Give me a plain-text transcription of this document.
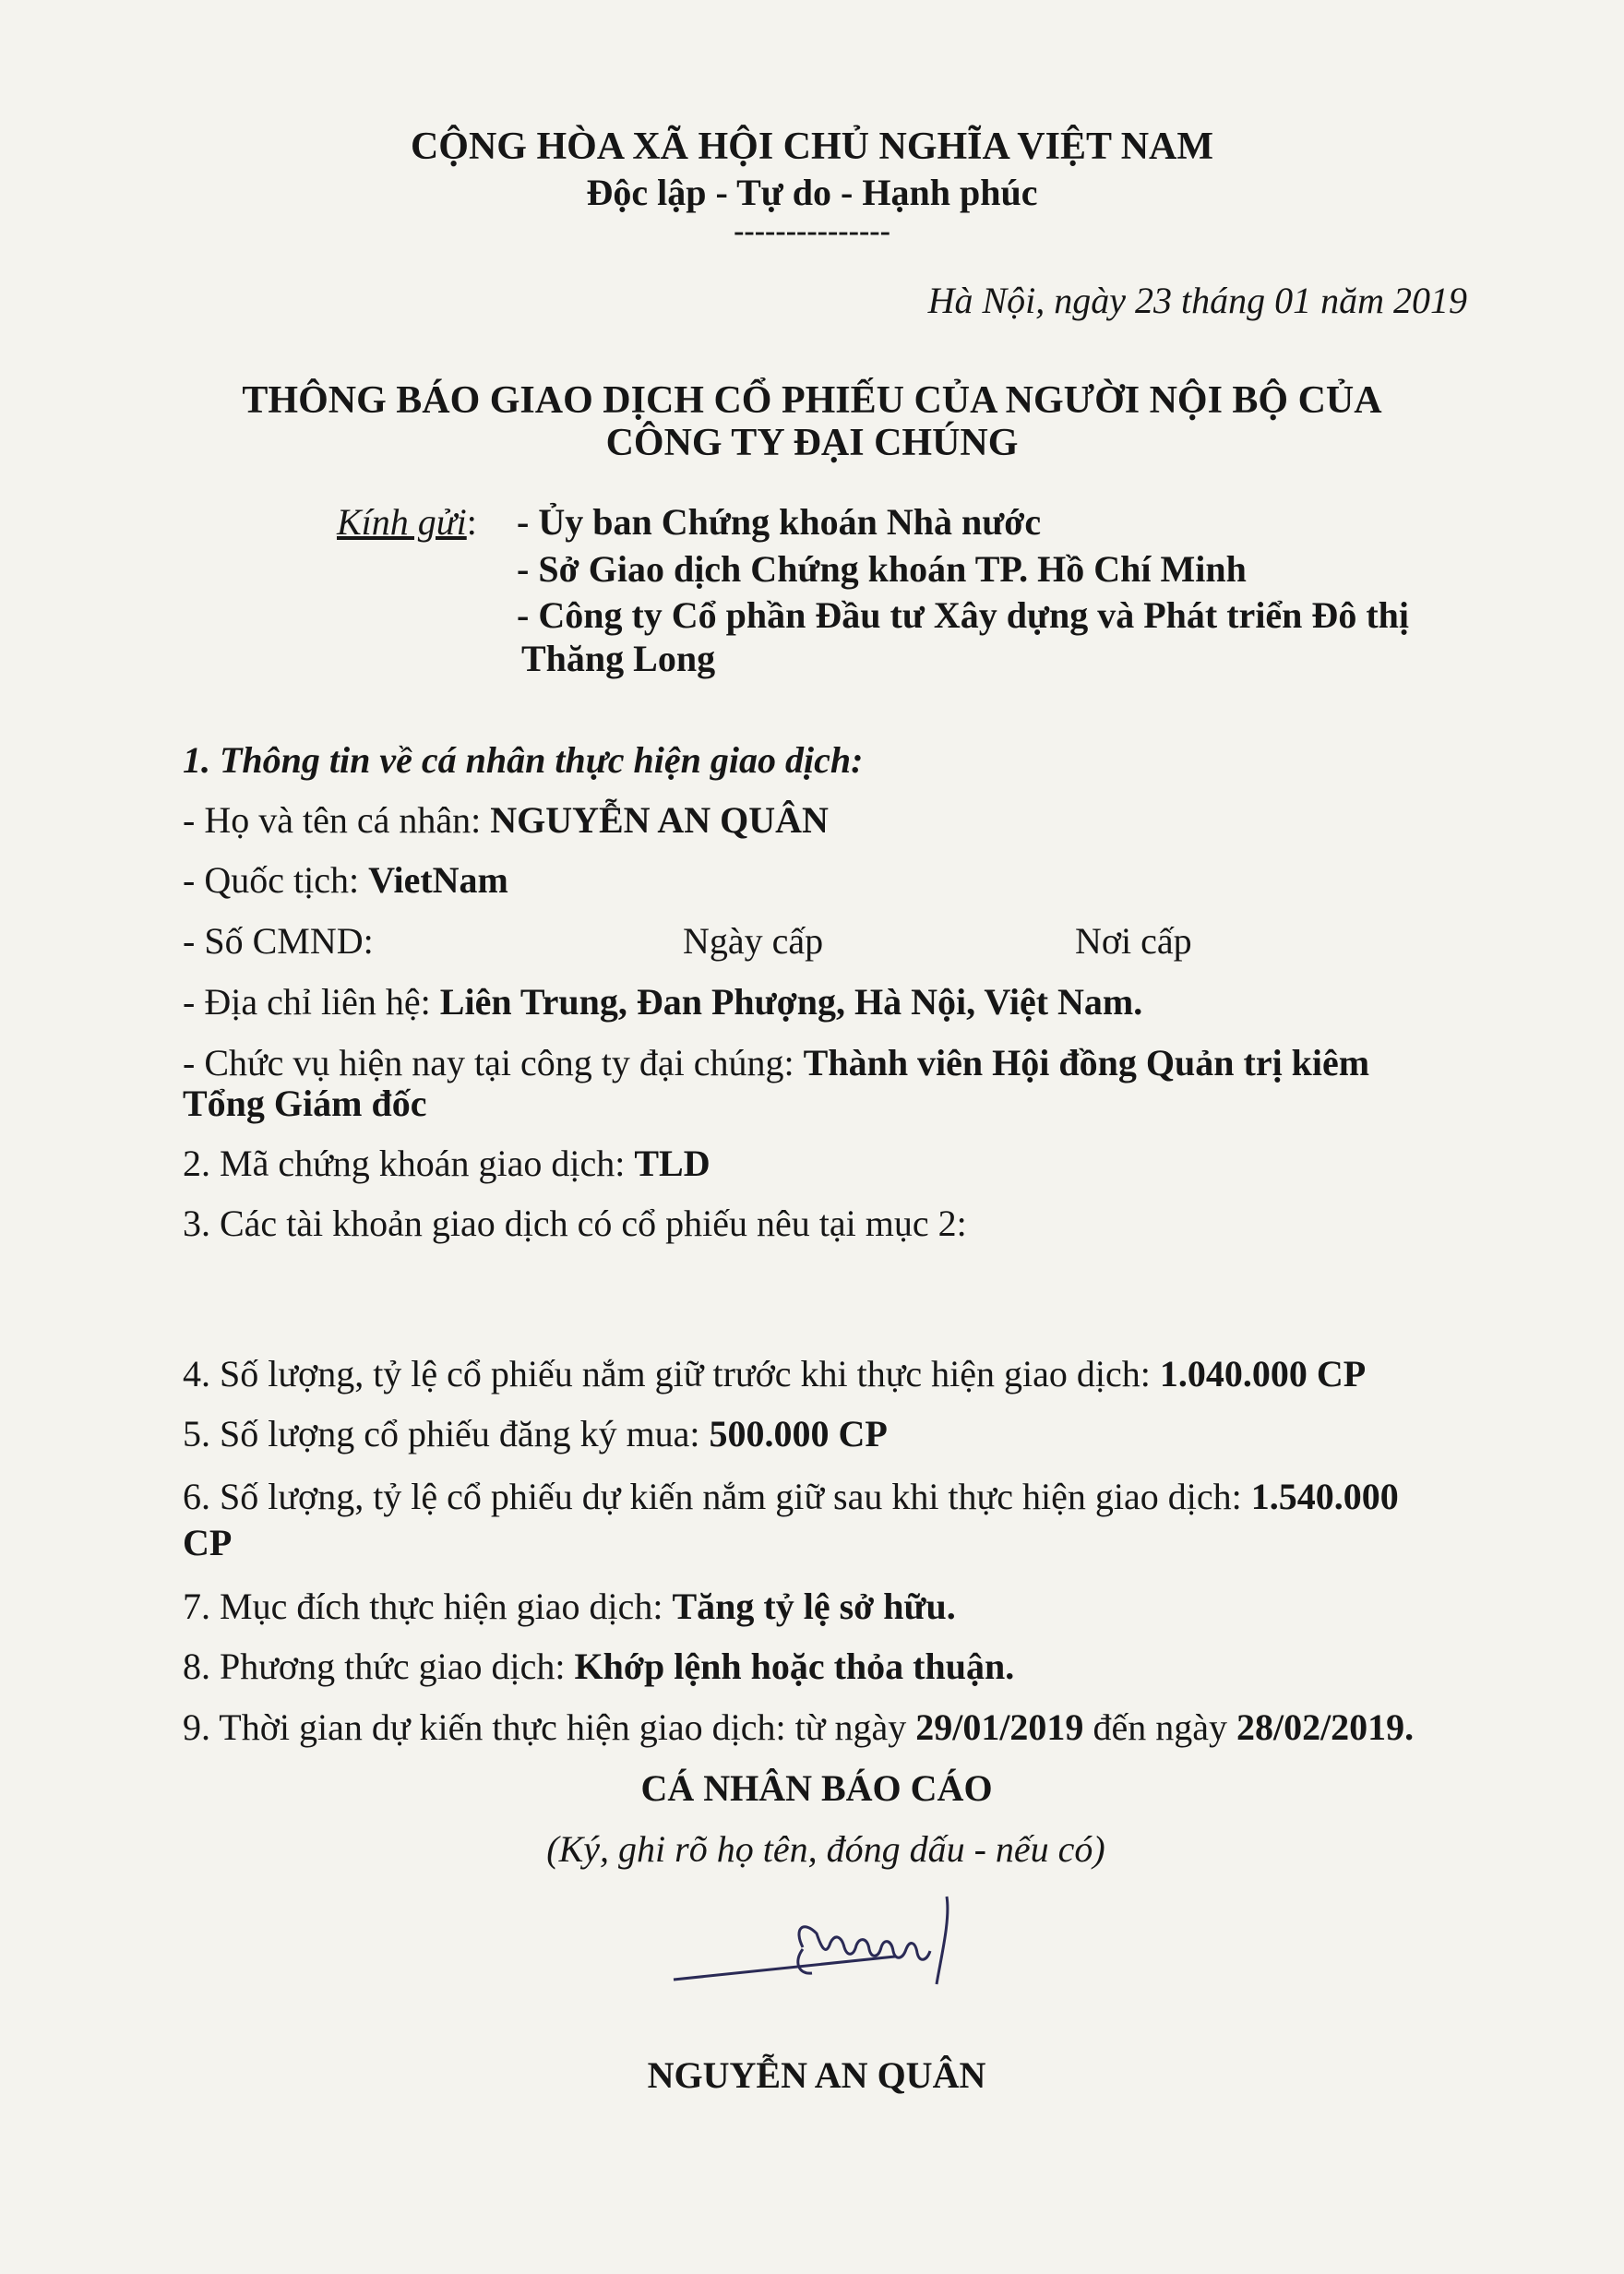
CỘNG HÒA XÃ HỘI CHỦ NGHĨA VIỆT NAM
Độc lập - Tự do - Hạnh phúc
---------------
Hà Nội, ngày 23 tháng 01 năm 2019
THÔNG BÁO GIAO DỊCH CỔ PHIẾU CỦA NGƯỜI NỘI BỘ CỦA
CÔNG TY ĐẠI CHÚNG
Kính gửi: - Ủy ban Chứng khoán Nhà nước
- Sở Giao dịch Chứng khoán TP. Hồ Chí Minh
- Công ty Cổ phần Đầu tư Xây dựng và Phát triển Đô thị
Thăng Long
1. Thông tin về cá nhân thực hiện giao dịch:
- Họ và tên cá nhân: NGUYỄN AN QUÂN
- Quốc tịch: VietNam
- Số CMND:	Ngày cấp	Nơi cấp
- Địa chỉ liên hệ: Liên Trung, Đan Phượng, Hà Nội, Việt Nam.
- Chức vụ hiện nay tại công ty đại chúng: Thành viên Hội đồng Quản trị kiêm
Tổng Giám đốc
2. Mã chứng khoán giao dịch: TLD
3. Các tài khoản giao dịch có cổ phiếu nêu tại mục 2:
4. Số lượng, tỷ lệ cổ phiếu nắm giữ trước khi thực hiện giao dịch: 1.040.000 CP
5. Số lượng cổ phiếu đăng ký mua: 500.000 CP
6. Số lượng, tỷ lệ cổ phiếu dự kiến nắm giữ sau khi thực hiện giao dịch: 1.540.000
CP
7. Mục đích thực hiện giao dịch: Tăng tỷ lệ sở hữu.
8. Phương thức giao dịch: Khớp lệnh hoặc thỏa thuận.
9. Thời gian dự kiến thực hiện giao dịch: từ ngày 29/01/2019 đến ngày 28/02/2019.
CÁ NHÂN BÁO CÁO
(Ký, ghi rõ họ tên, đóng dấu - nếu có)
NGUYỄN AN QUÂN
